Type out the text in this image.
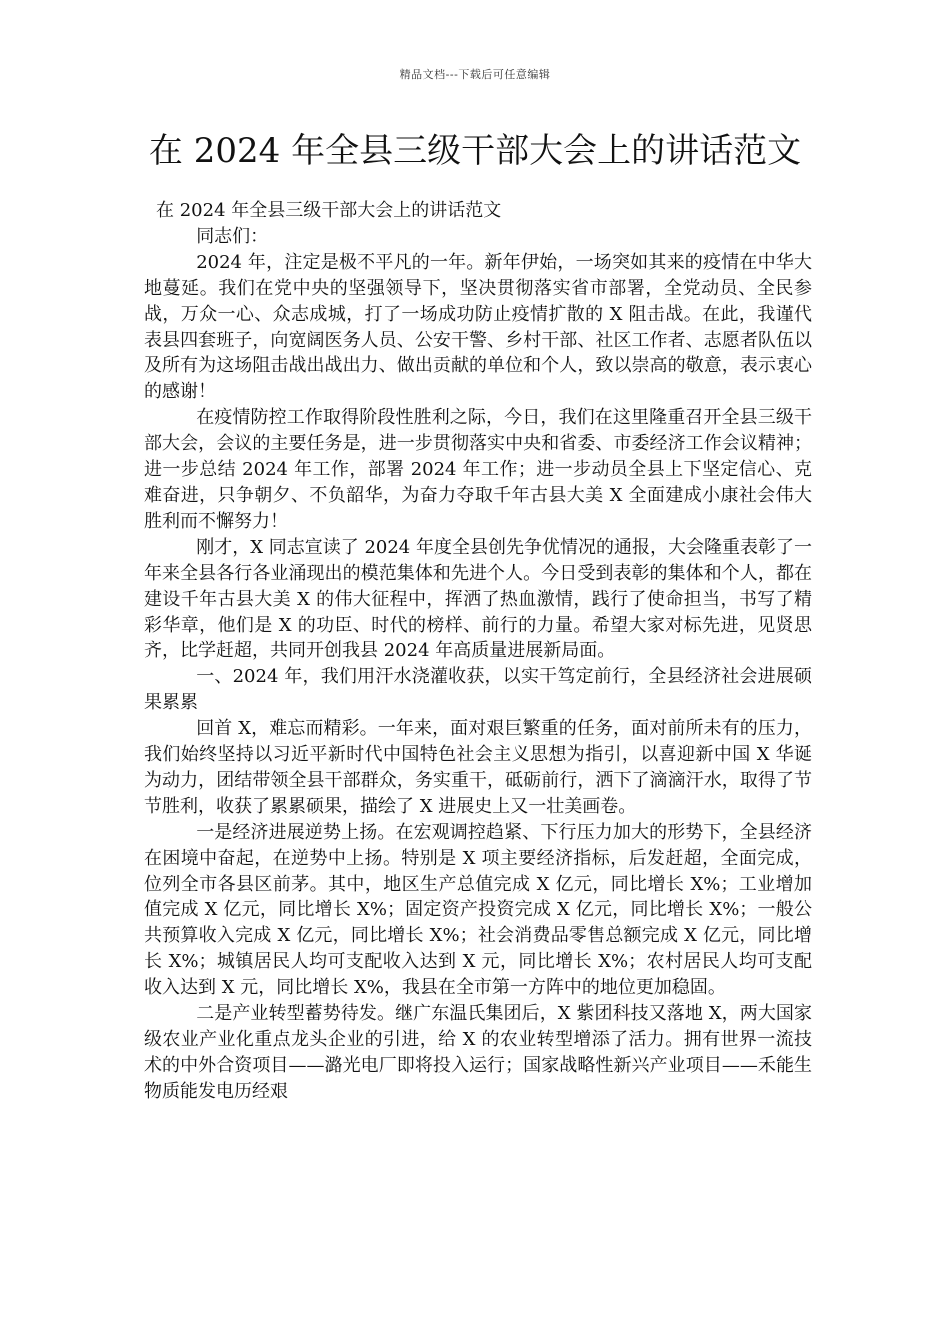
精品文档---下载后可任意编辑
在 2024 年全县三级干部大会上的讲话范文

在 2024 年全县三级干部大会上的讲话范文

同志们：

2024 年，注定是极不平凡的一年。新年伊始，一场突如其来的疫情在中华大地蔓延。我们在党中央的坚强领导下，坚决贯彻落实省市部署，全党动员、全民参战，万众一心、众志成城，打了一场成功防止疫情扩散的 X 阻击战。在此，我谨代表县四套班子，向宽阔医务人员、公安干警、乡村干部、社区工作者、志愿者队伍以及所有为这场阻击战出战出力、做出贡献的单位和个人，致以崇高的敬意，表示衷心的感谢！

在疫情防控工作取得阶段性胜利之际，今日，我们在这里隆重召开全县三级干部大会，会议的主要任务是，进一步贯彻落实中央和省委、市委经济工作会议精神；进一步总结 2024 年工作，部署 2024 年工作；进一步动员全县上下坚定信心、克难奋进，只争朝夕、不负韶华，为奋力夺取千年古县大美 X 全面建成小康社会伟大胜利而不懈努力！

刚才，X 同志宣读了 2024 年度全县创先争优情况的通报，大会隆重表彰了一年来全县各行各业涌现出的模范集体和先进个人。今日受到表彰的集体和个人，都在建设千年古县大美 X 的伟大征程中，挥洒了热血激情，践行了使命担当，书写了精彩华章，他们是 X 的功臣、时代的榜样、前行的力量。希望大家对标先进，见贤思齐，比学赶超，共同开创我县 2024 年高质量进展新局面。

一、2024 年，我们用汗水浇灌收获，以实干笃定前行，全县经济社会进展硕果累累

回首 X，难忘而精彩。一年来，面对艰巨繁重的任务，面对前所未有的压力，我们始终坚持以习近平新时代中国特色社会主义思想为指引，以喜迎新中国 X 华诞为动力，团结带领全县干部群众，务实重干，砥砺前行，洒下了滴滴汗水，取得了节节胜利，收获了累累硕果，描绘了 X 进展史上又一壮美画卷。

一是经济进展逆势上扬。在宏观调控趋紧、下行压力加大的形势下，全县经济在困境中奋起，在逆势中上扬。特别是 X 项主要经济指标，后发赶超，全面完成，位列全市各县区前茅。其中，地区生产总值完成 X 亿元，同比增长 X%；工业增加值完成 X 亿元，同比增长 X%；固定资产投资完成 X 亿元，同比增长 X%；一般公共预算收入完成 X 亿元，同比增长 X%；社会消费品零售总额完成 X 亿元，同比增长 X%；城镇居民人均可支配收入达到 X 元，同比增长 X%；农村居民人均可支配收入达到 X 元，同比增长 X%，我县在全市第一方阵中的地位更加稳固。

二是产业转型蓄势待发。继广东温氏集团后，X 紫团科技又落地 X，两大国家级农业产业化重点龙头企业的引进，给 X 的农业转型增添了活力。拥有世界一流技术的中外合资项目——潞光电厂即将投入运行；国家战略性新兴产业项目——禾能生物质能发电历经艰
